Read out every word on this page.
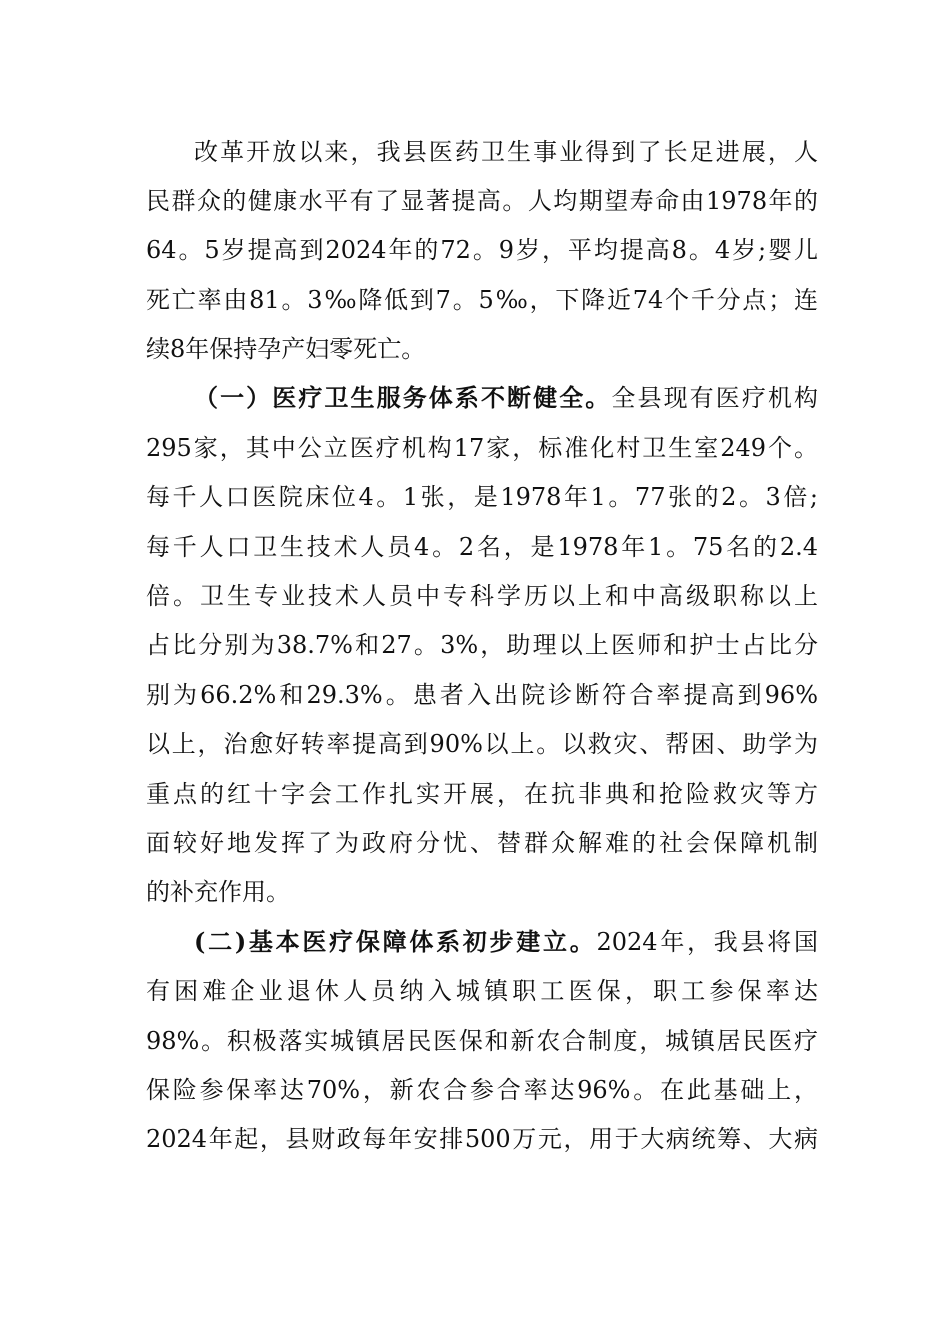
改革开放以来，我县医药卫生事业得到了长足进展，人
民群众的健康水平有了显著提高。人均期望寿命由1978年的
64。5岁提高到2024年的72。9岁，平均提高8。4岁;婴儿
死亡率由81。3‰降低到7。5‰，下降近74个千分点；连
续8年保持孕产妇零死亡。
（一）医疗卫生服务体系不断健全。全县现有医疗机构
295家，其中公立医疗机构17家，标准化村卫生室249个。
每千人口医院床位4。1张，是1978年1。77张的2。3倍;
每千人口卫生技术人员4。2名，是1978年1。75名的2.4
倍。卫生专业技术人员中专科学历以上和中高级职称以上
占比分别为38.7%和27。3%，助理以上医师和护士占比分
别为66.2%和29.3%。患者入出院诊断符合率提高到96%
以上，治愈好转率提高到90%以上。以救灾、帮困、助学为
重点的红十字会工作扎实开展，在抗非典和抢险救灾等方
面较好地发挥了为政府分忧、替群众解难的社会保障机制
的补充作用。
(二)基本医疗保障体系初步建立。2024年，我县将国
有困难企业退休人员纳入城镇职工医保，职工参保率达
98%。积极落实城镇居民医保和新农合制度，城镇居民医疗
保险参保率达70%，新农合参合率达96%。在此基础上，
2024年起，县财政每年安排500万元，用于大病统筹、大病
